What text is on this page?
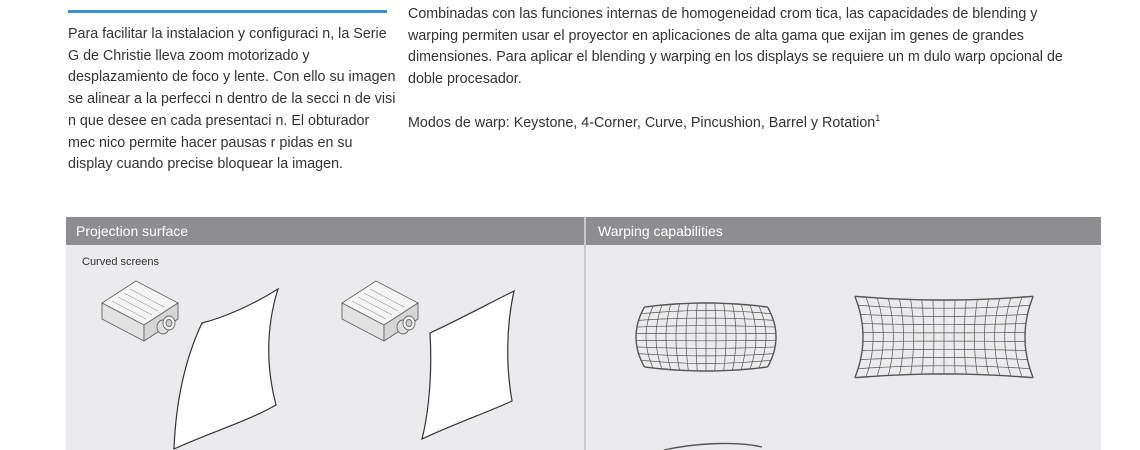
Para facilitar la instalacion y configuraci n, la Serie G de Christie lleva zoom motorizado y desplazamiento de foco y lente. Con ello su imagen se alinear a la perfecci n dentro de la secci n de visi n que desee en cada presentaci n. El obturador mec nico permite hacer pausas r pidas en su display cuando precise bloquear la imagen.

Combinadas con las funciones internas de homogeneidad crom tica, las capacidades de blending y warping permiten usar el proyector en aplicaciones de alta gama que exijan im genes de grandes dimensiones. Para aplicar el blending y warping en los displays se requiere un m dulo warp opcional de doble procesador.

Modos de warp: Keystone, 4-Corner, Curve, Pincushion, Barrel y Rotation$^1$

Projection surface
Curved screens
Warping capabilities
